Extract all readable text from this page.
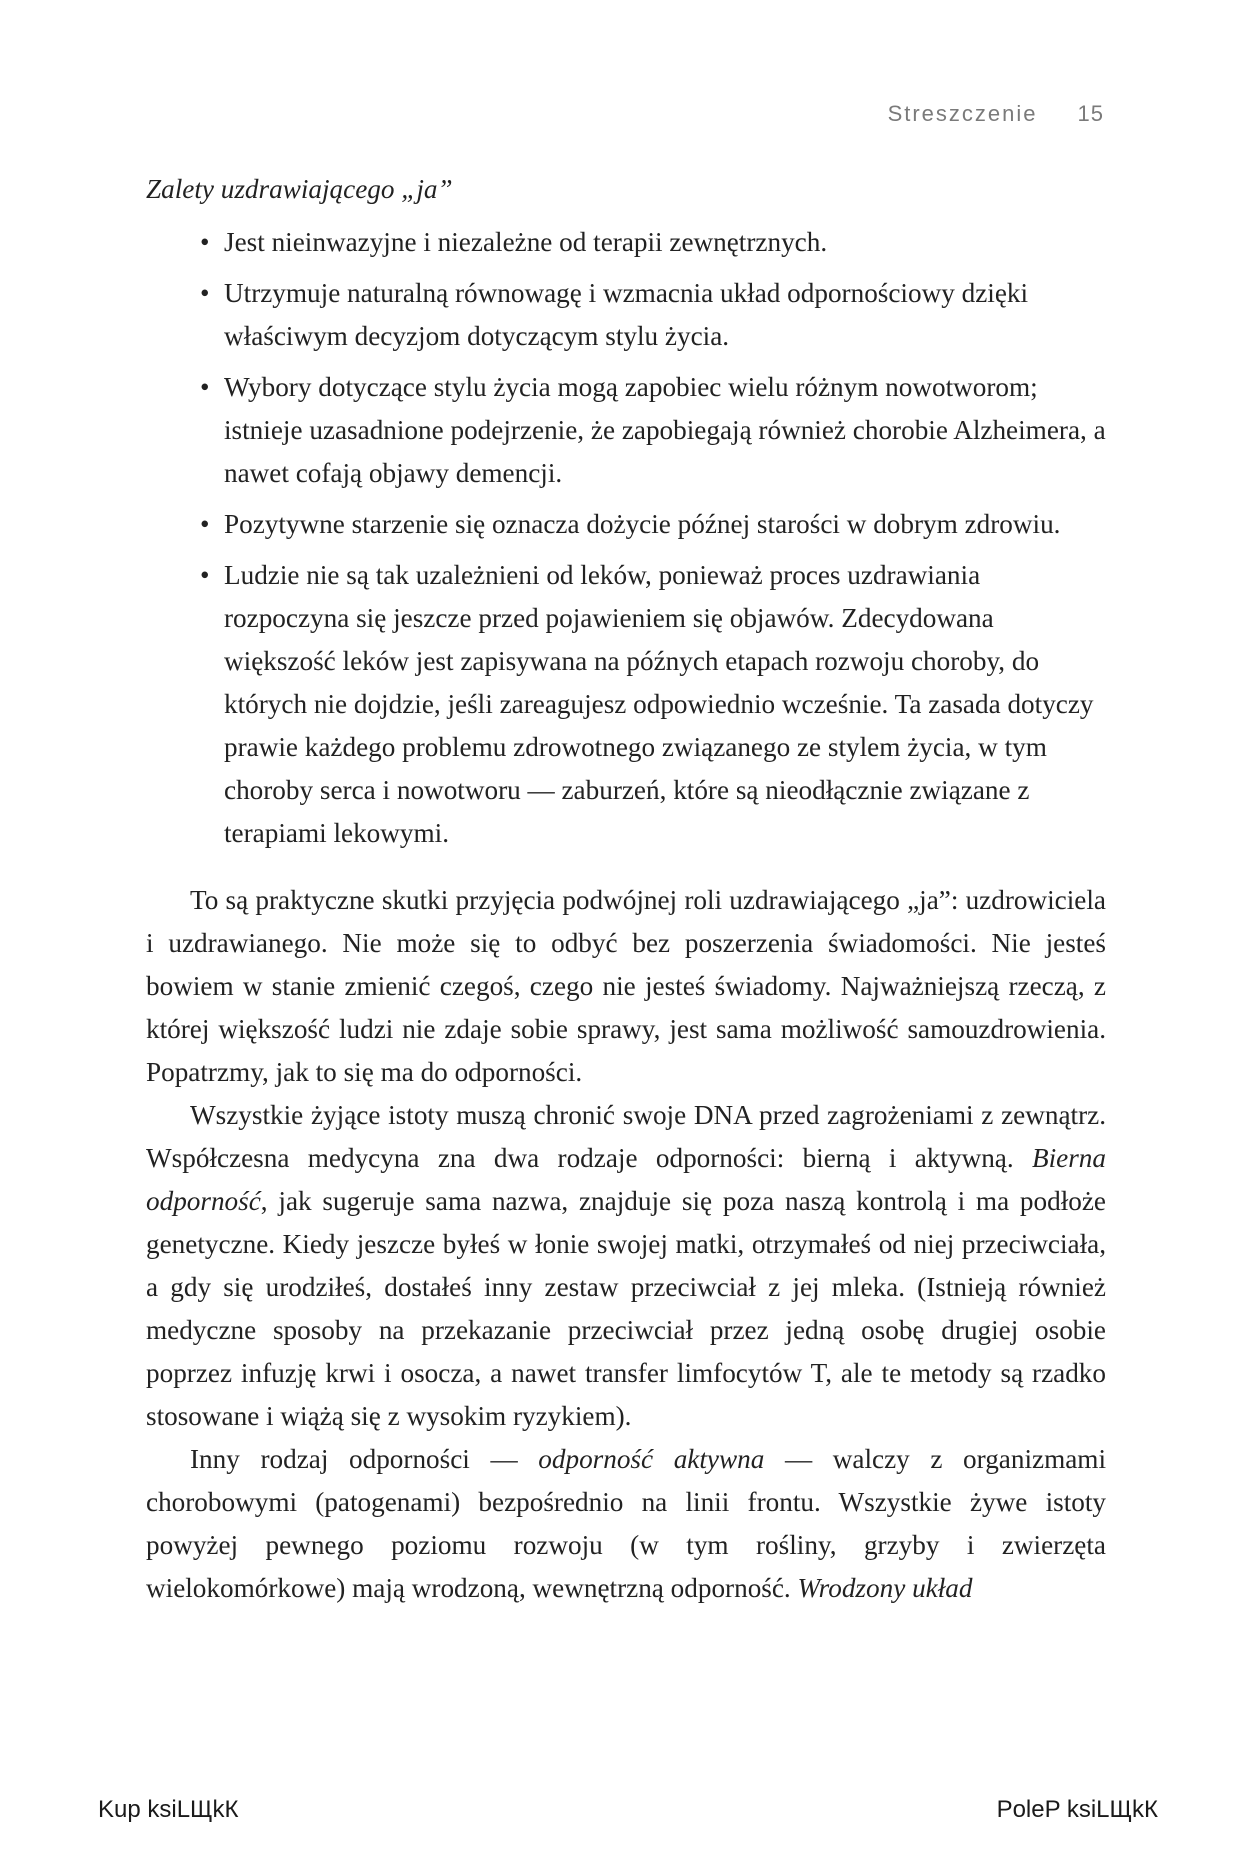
Streszczenie 15
Zalety uzdrawiającego „ja”
• Jest nieinwazyjne i niezależne od terapii zewnętrznych.
• Utrzymuje naturalną równowagę i wzmacnia układ odpornościowy dzięki właściwym decyzjom dotyczącym stylu życia.
• Wybory dotyczące stylu życia mogą zapobiec wielu różnym nowotworom; istnieje uzasadnione podejrzenie, że zapobiegają również chorobie Alzheimera, a nawet cofają objawy demencji.
• Pozytywne starzenie się oznacza dożycie późnej starości w dobrym zdrowiu.
• Ludzie nie są tak uzależnieni od leków, ponieważ proces uzdrawiania rozpoczyna się jeszcze przed pojawieniem się objawów. Zdecydowana większość leków jest zapisywana na późnych etapach rozwoju choroby, do których nie dojdzie, jeśli zareagujesz odpowiednio wcześnie. Ta zasada dotyczy prawie każdego problemu zdrowotnego związanego ze stylem życia, w tym choroby serca i nowotworu — zaburzeń, które są nieodłącznie związane z terapiami lekowymi.

To są praktyczne skutki przyjęcia podwójnej roli uzdrawiającego „ja”: uzdrowiciela i uzdrawianego. Nie może się to odbyć bez poszerzenia świadomości. Nie jesteś bowiem w stanie zmienić czegoś, czego nie jesteś świadomy. Najważniejszą rzeczą, z której większość ludzi nie zdaje sobie sprawy, jest sama możliwość samouzdrowienia. Popatrzmy, jak to się ma do odporności.

Wszystkie żyjące istoty muszą chronić swoje DNA przed zagrożeniami z zewnątrz. Współczesna medycyna zna dwa rodzaje odporności: bierną i aktywną. Bierna odporność, jak sugeruje sama nazwa, znajduje się poza naszą kontrolą i ma podłoże genetyczne. Kiedy jeszcze byłeś w łonie swojej matki, otrzymałeś od niej przeciwciała, a gdy się urodziłeś, dostałeś inny zestaw przeciwciał z jej mleka. (Istnieją również medyczne sposoby na przekazanie przeciwciał przez jedną osobę drugiej osobie poprzez infuzję krwi i osocza, a nawet transfer limfocytów T, ale te metody są rzadko stosowane i wiążą się z wysokim ryzykiem).

Inny rodzaj odporności — odporność aktywna — walczy z organizmami chorobowymi (patogenami) bezpośrednio na linii frontu. Wszystkie żywe istoty powyżej pewnego poziomu rozwoju (w tym rośliny, grzyby i zwierzęta wielokomórkowe) mają wrodzoną, wewnętrzną odporność. Wrodzony układ

Kup ksiLЩkК	PoleP ksiLЩkК
